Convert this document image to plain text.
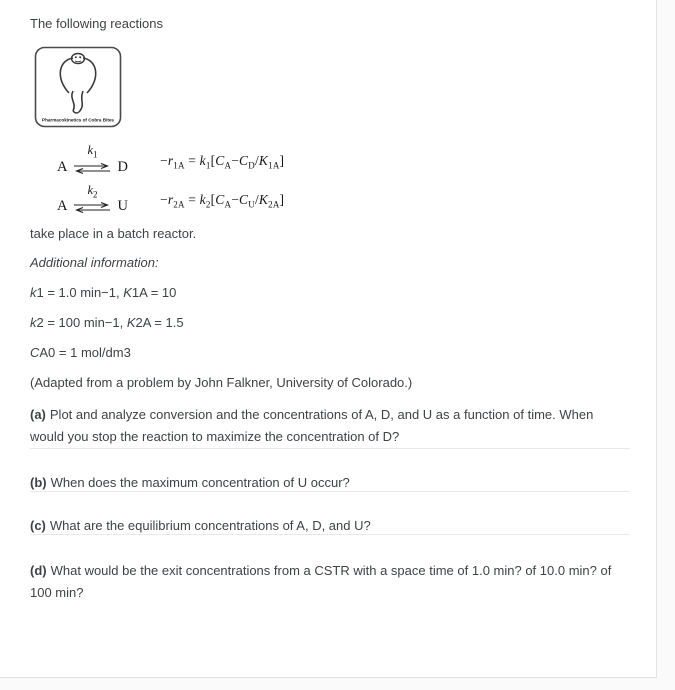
The following reactions

Pharmacokinetics of Cobra Bites
A
$k_1$
$D -r_{1A} = k_1[C_A-C_D/K_{1A}]$
A
$k_2$
$U -r_{2A} = k_2[C_A-C_U/K_{2A}]$

take place in a batch reactor.

Additional information:

k1 = 1.0 min−1, K1A = 10

k2 = 100 min−1, K2A = 1.5

CA0 = 1 mol/dm3

(Adapted from a problem by John Falkner, University of Colorado.)

(a) Plot and analyze conversion and the concentrations of A, D, and U as a function of time. When would you stop the reaction to maximize the concentration of D?

(b) When does the maximum concentration of U occur?

(c) What are the equilibrium concentrations of A, D, and U?

(d) What would be the exit concentrations from a CSTR with a space time of 1.0 min? of 10.0 min? of 100 min?
